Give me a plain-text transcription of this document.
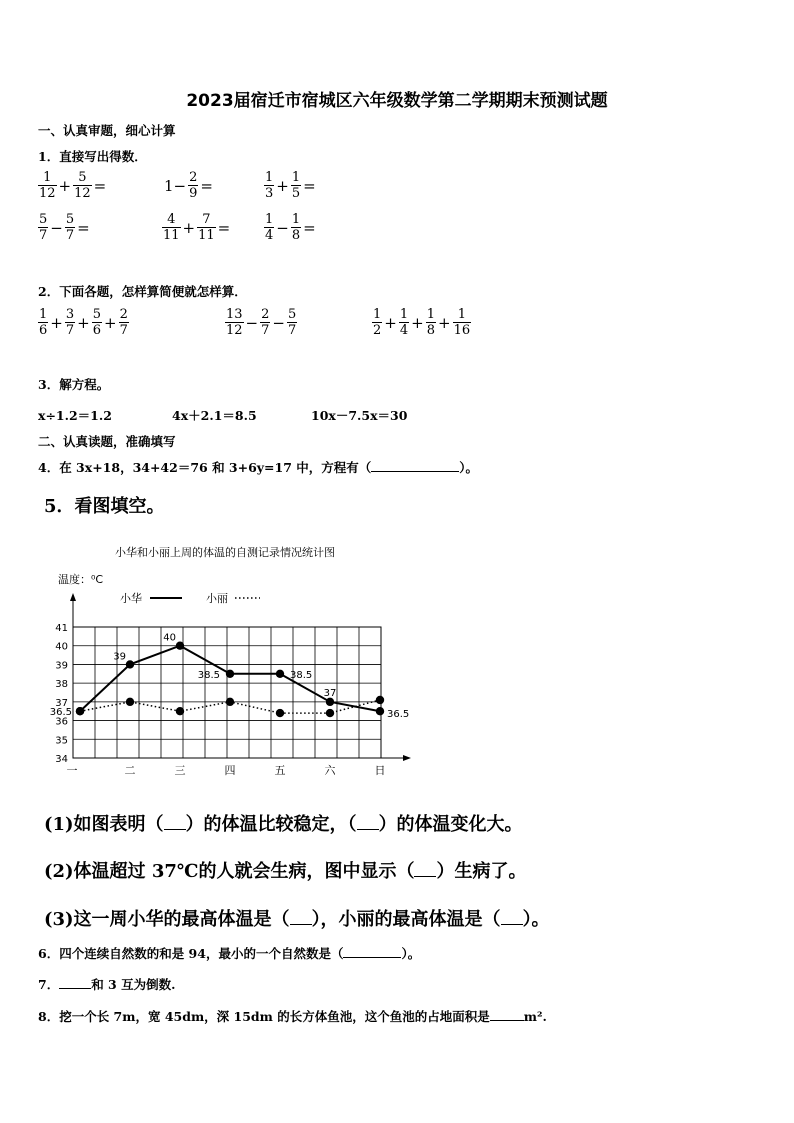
2023届宿迁市宿城区六年级数学第二学期期末预测试题
一、认真审题，细心计算
1．直接写出得数．
$\frac{1}{12} + \frac{5}{12}$ =	$1- \frac{2}{9}$ =	$\frac{1}{3} + \frac{1}{5}$ =
$\frac{5}{7} - \frac{5}{7}$ =	$\frac{4}{11} + \frac{7}{11}$ =	$\frac{1}{4} - \frac{1}{8}$ =
2．下面各题，怎样算简便就怎样算．
$\frac{1}{6} + \frac{3}{7} + \frac{5}{6} + \frac{2}{7}$	$\frac{13}{12} - \frac{2}{7} - \frac{5}{7}$	$\frac{1}{2} + \frac{1}{4} + \frac{1}{8} + \frac{1}{16}$
3．解方程。
x÷1.2＝1.2	4x＋2.1＝8.5	10x－7.5x＝30
二、认真读题，准确填写
4．在 3x+18，34+42＝76 和 3+6y=17 中，方程有（	）。
5．看图填空。
小华和小丽上周的体温的自测记录情况统计图
温度：⁰C
小华	小丽
34
35
36
37
38
39
40
41
一	二	三	四	五	六	日
36.5
39
40
38.5	38.5
37
36.5
(1)如图表明（ ）的体温比较稳定，（ ）的体温变化大。
(2)体温超过 37℃的人就会生病，图中显示（ ）生病了。
(3)这一周小华的最高体温是（ ），小丽的最高体温是（ ）。
6．四个连续自然数的和是 94，最小的一个自然数是（	）。
7．	和 3 互为倒数.
8．挖一个长 7m，宽 45dm，深 15dm 的长方体鱼池，这个鱼池的占地面积是	m².
